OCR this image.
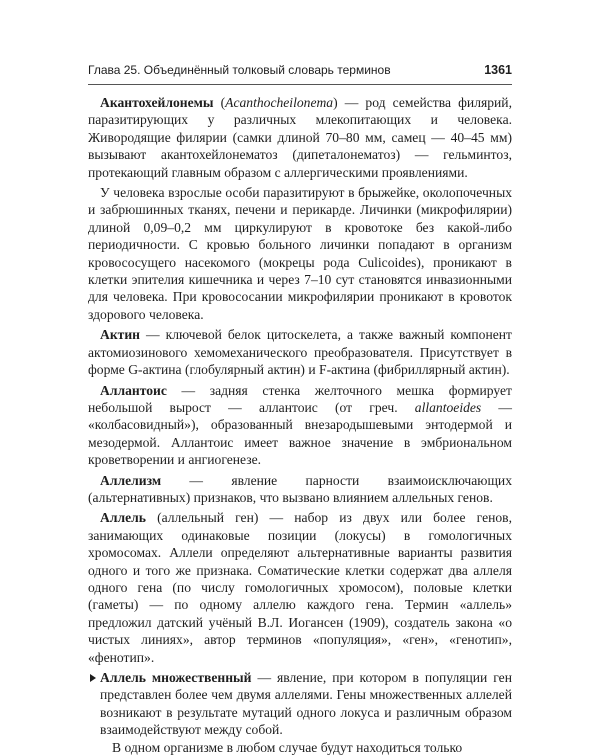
Глава 25. Объединённый толковый словарь терминов	1361

Акантохейлонемы (Acanthocheilonema) — род семейства филярий, паразитирующих у различных млекопитающих и человека. Живородящие филярии (самки длиной 70–80 мм, самец — 40–45 мм) вызывают акантохейлонематоз (дипеталонематоз) — гельминтоз, протекающий главным образом с аллергическими проявлениями.

У человека взрослые особи паразитируют в брыжейке, околопочечных и забрюшинных тканях, печени и перикарде. Личинки (микрофилярии) длиной 0,09–0,2 мм циркулируют в кровотоке без какой-либо периодичности. С кровью больного личинки попадают в организм кровососущего насекомого (мокрецы рода Culicoides), проникают в клетки эпителия кишечника и через 7–10 сут становятся инвазионными для человека. При кровососании микрофилярии проникают в кровоток здорового человека.

Актин — ключевой белок цитоскелета, а также важный компонент актомиозинового хемомеханического преобразователя. Присутствует в форме G-актина (глобулярный актин) и F-актина (фибриллярный актин).

Аллантоис — задняя стенка желточного мешка формирует небольшой вырост — аллантоис (от греч. allantoeides — «колбасовидный»), образованный внезародышевыми энтодермой и мезодермой. Аллантоис имеет важное значение в эмбриональном кроветворении и ангиогенезе.

Аллелизм — явление парности взаимоисключающих (альтернативных) признаков, что вызвано влиянием аллельных генов.

Аллель (аллельный ген) — набор из двух или более генов, занимающих одинаковые позиции (локусы) в гомологичных хромосомах. Аллели определяют альтернативные варианты развития одного и того же признака. Соматические клетки содержат два аллеля одного гена (по числу гомологичных хромосом), половые клетки (гаметы) — по одному аллелю каждого гена. Термин «аллель» предложил датский учёный В.Л. Иогансен (1909), создатель закона «о чистых линиях», автор терминов «популяция», «ген», «генотип», «фенотип».

Аллель множественный — явление, при котором в популяции ген представлен более чем двумя аллелями. Гены множественных аллелей возникают в результате мутаций одного локуса и различным образом взаимодействуют между собой.

В одном организме в любом случае будут находиться только
